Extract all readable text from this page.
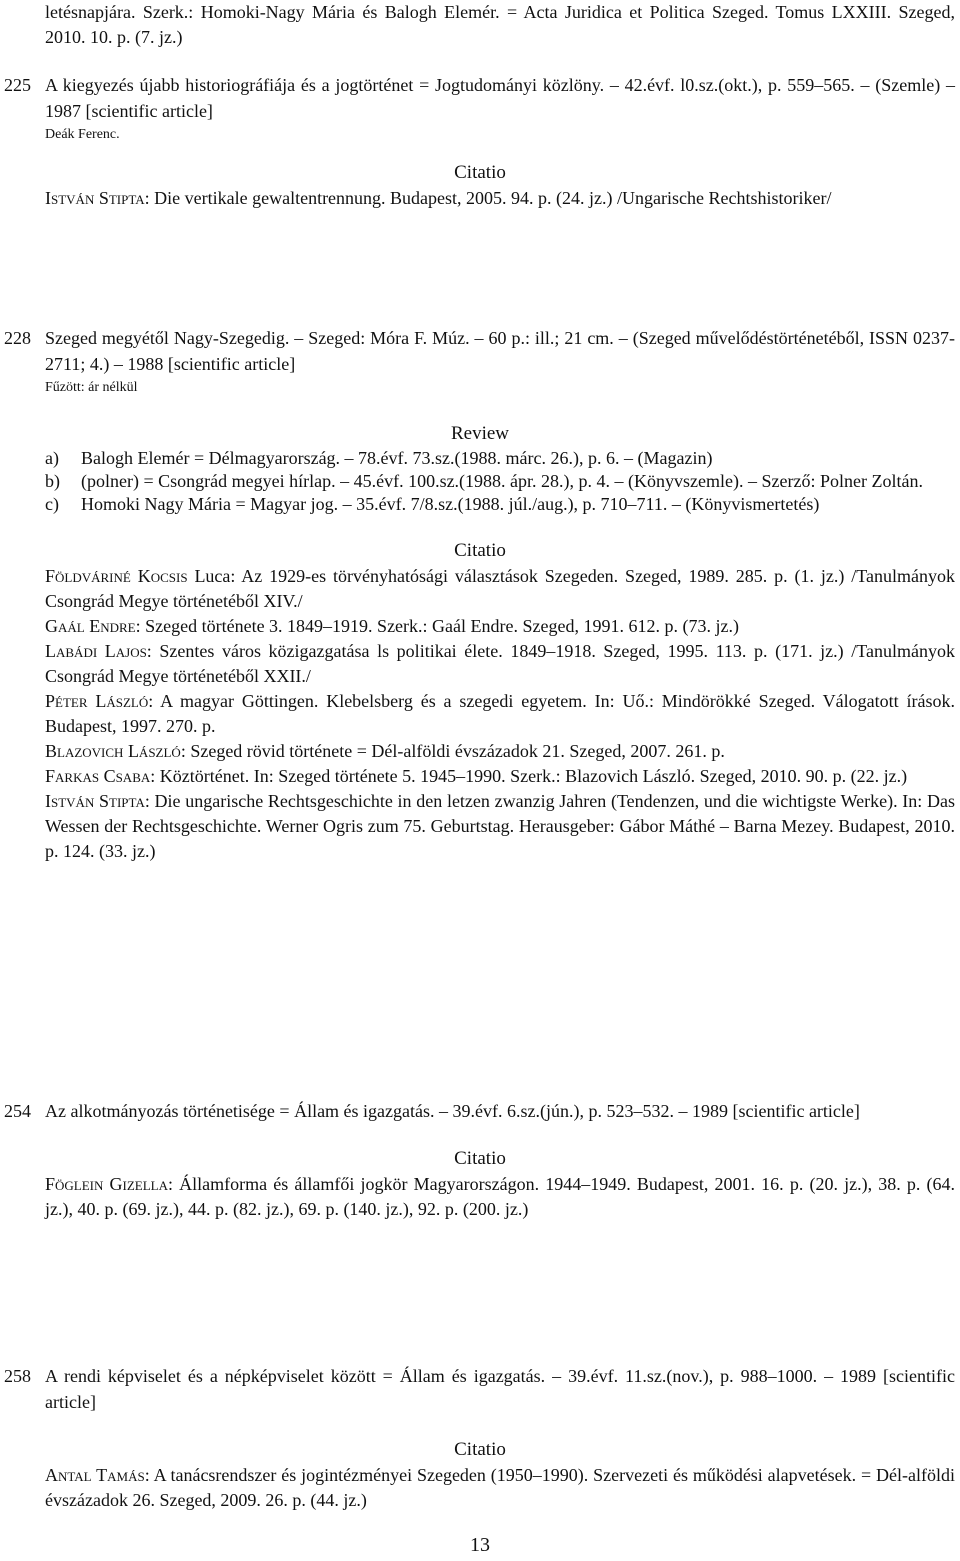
letésnapjára. Szerk.: Homoki-Nagy Mária és Balogh Elemér. = Acta Juridica et Politica Szeged. Tomus LXXIII. Szeged, 2010. 10. p. (7. jz.)
225 A kiegyezés újabb historiográfiája és a jogtörténet = Jogtudományi közlöny. – 42.évf. l0.sz.(okt.), p. 559–565. – (Szemle) – 1987 [scientific article]
Deák Ferenc.
Citatio
István Stipta: Die vertikale gewaltentrennung. Budapest, 2005. 94. p. (24. jz.) /Ungarische Rechtshistoriker/
228 Szeged megyétől Nagy-Szegedig. – Szeged: Móra F. Múz. – 60 p.: ill.; 21 cm. – (Szeged művelődéstörténetéből, ISSN 0237-2711; 4.) – 1988 [scientific article]
Fűzött: ár nélkül
Review
a) Balogh Elemér = Délmagyarország. – 78.évf. 73.sz.(1988. márc. 26.), p. 6. – (Magazin)
b) (polner) = Csongrád megyei hírlap. – 45.évf. 100.sz.(1988. ápr. 28.), p. 4. – (Könyvszemle). – Szerző: Polner Zoltán.
c) Homoki Nagy Mária = Magyar jog. – 35.évf. 7/8.sz.(1988. júl./aug.), p. 710–711. – (Könyvismertetés)
Citatio
Földváriné Kocsis Luca: Az 1929-es törvényhatósági választások Szegeden. Szeged, 1989. 285. p. (1. jz.) /Tanulmányok Csongrád Megye történetéből XIV./
Gaál Endre: Szeged története 3. 1849–1919. Szerk.: Gaál Endre. Szeged, 1991. 612. p. (73. jz.)
Labádi Lajos: Szentes város közigazgatása ls politikai élete. 1849–1918. Szeged, 1995. 113. p. (171. jz.) /Tanulmányok Csongrád Megye történetéből XXII./
Péter László: A magyar Göttingen. Klebelsberg és a szegedi egyetem. In: Uő.: Mindörökké Szeged. Válogatott írások. Budapest, 1997. 270. p.
Blazovich László: Szeged rövid története = Dél-alföldi évszázadok 21. Szeged, 2007. 261. p.
Farkas Csaba: Köztörténet. In: Szeged története 5. 1945–1990. Szerk.: Blazovich László. Szeged, 2010. 90. p. (22. jz.)
István Stipta: Die ungarische Rechtsgeschichte in den letzen zwanzig Jahren (Tendenzen, und die wichtigste Werke). In: Das Wessen der Rechtsgeschichte. Werner Ogris zum 75. Geburtstag. Herausgeber: Gábor Máthé – Barna Mezey. Budapest, 2010. p. 124. (33. jz.)
254 Az alkotmányozás történetisége = Állam és igazgatás. – 39.évf. 6.sz.(jún.), p. 523–532. – 1989 [scientific article]
Citatio
Föglein Gizella: Államforma és államfői jogkör Magyarországon. 1944–1949. Budapest, 2001. 16. p. (20. jz.), 38. p. (64. jz.), 40. p. (69. jz.), 44. p. (82. jz.), 69. p. (140. jz.), 92. p. (200. jz.)
258 A rendi képviselet és a népképviselet között = Állam és igazgatás. – 39.évf. 11.sz.(nov.), p. 988–1000. – 1989 [scientific article]
Citatio
Antal Tamás: A tanácsrendszer és jogintézményei Szegeden (1950–1990). Szervezeti és működési alapvetések. = Dél-alföldi évszázadok 26. Szeged, 2009. 26. p. (44. jz.)
13
